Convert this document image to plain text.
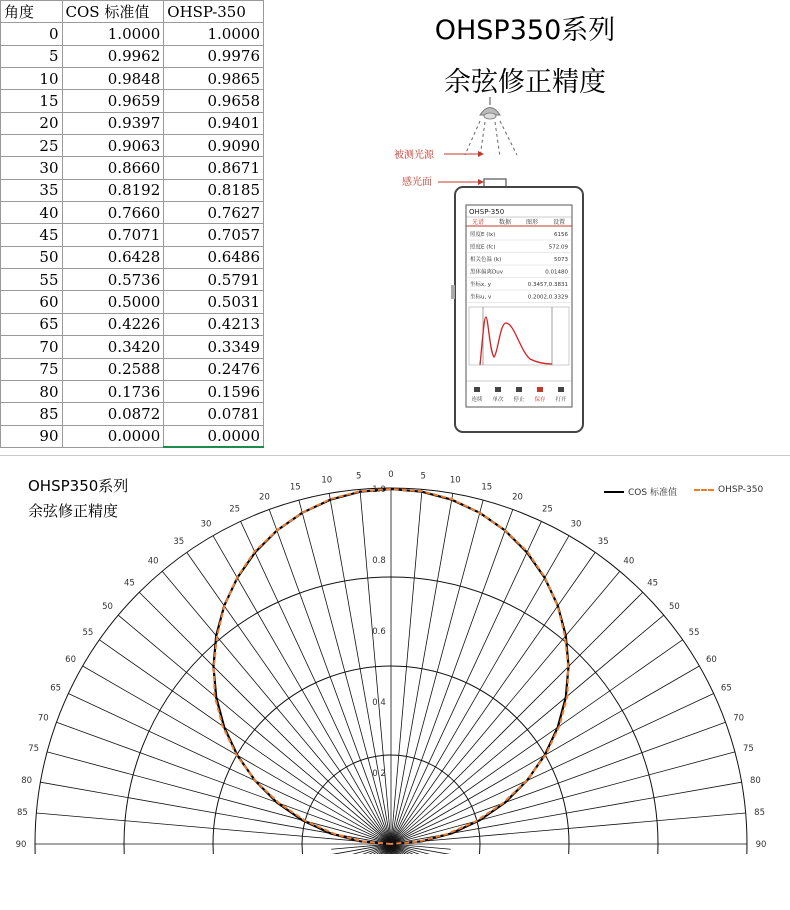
角度	COS 标准值	OHSP-350
0	1.0000	1.0000
5	0.9962	0.9976
10	0.9848	0.9865
15	0.9659	0.9658
20	0.9397	0.9401
25	0.9063	0.9090
30	0.8660	0.8671
35	0.8192	0.8185
40	0.7660	0.7627
45	0.7071	0.7057
50	0.6428	0.6486
55	0.5736	0.5791
60	0.5000	0.5031
65	0.4226	0.4213
70	0.3420	0.3349
75	0.2588	0.2476
80	0.1736	0.1596
85	0.0872	0.0781
90	0.0000	0.0000
OHSP350系列
余弦修正精度
被测光源
感光面
OHSP-350
光谱 数据 图形 设置
照度E (lx)	6156
照度E (fc)	572.09
相关色温 (k)	5073
黑体偏离Duv	0.01480
坐标x, y	0.3457,0.3831
坐标u, v	0.2002,0.3329
连续 单次 停止 保存 打开
0	5
5	10
10
15
15
20
20
25
25
30
30
35
35
40
40
45
45
50
50
55
55
60
60
65
65
70
70
75
75
80
80
85
85
90
90
1.0
0.8
0.6
0.4
0.2
OHSP350系列
余弦修正精度
COS 标准值	OHSP-350
